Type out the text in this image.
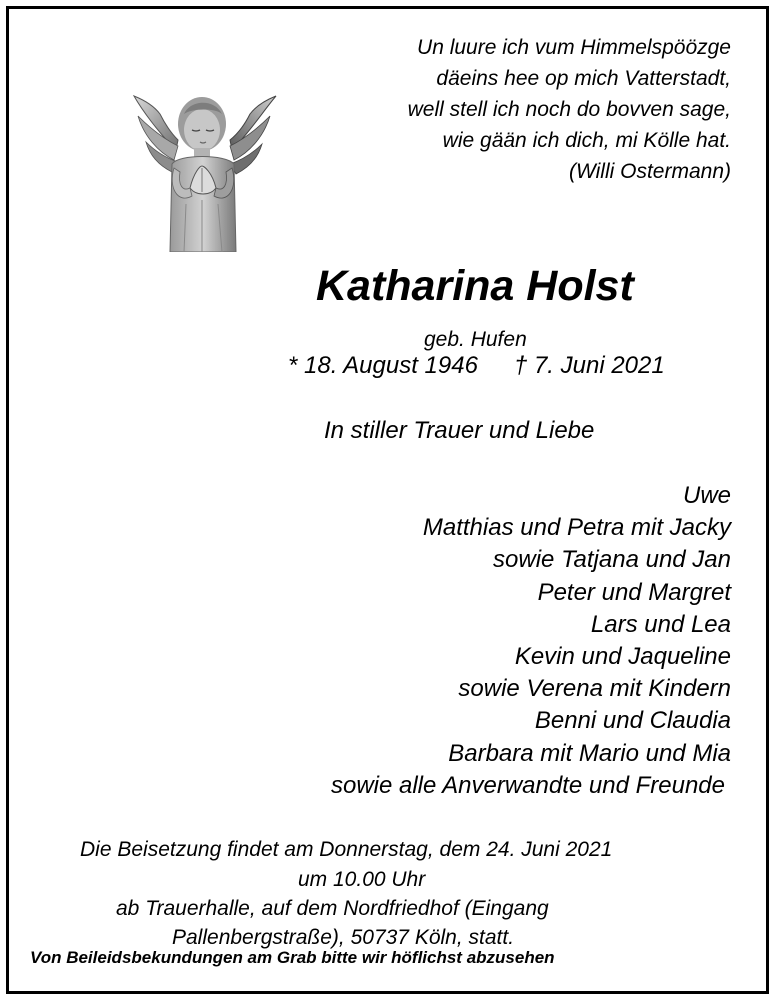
Un luure ich vum Himmelspöözge
däeins hee op mich Vatterstadt,
well stell ich noch do bovven sage,
wie gään ich dich, mi Kölle hat.
(Willi Ostermann)
Katharina Holst
geb. Hufen
* 18. August 1946 † 7. Juni 2021
In stiller Trauer und Liebe
Uwe
Matthias und Petra mit Jacky
sowie Tatjana und Jan
Peter und Margret
Lars und Lea
Kevin und Jaqueline
sowie Verena mit Kindern
Benni und Claudia
Barbara mit Mario und Mia
sowie alle Anverwandte und Freunde
Die Beisetzung findet am Donnerstag, dem 24. Juni 2021
um 10.00 Uhr
ab Trauerhalle, auf dem Nordfriedhof (Eingang
Pallenbergstraße), 50737 Köln, statt.
Von Beileidsbekundungen am Grab bitte wir höflichst abzusehen
